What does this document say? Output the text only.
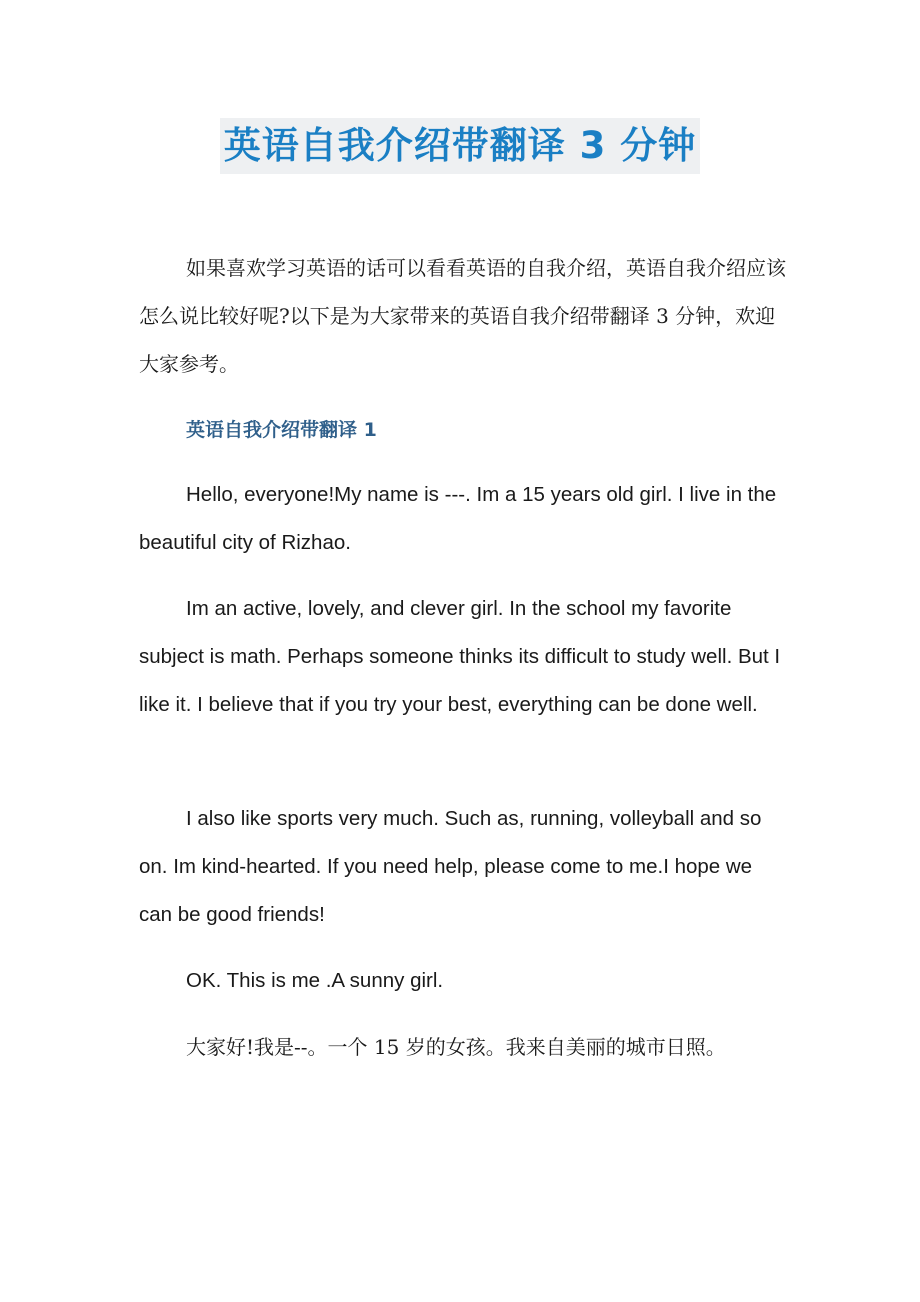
英语自我介绍带翻译 3 分钟

如果喜欢学习英语的话可以看看英语的自我介绍，英语自我介绍应该怎么说比较好呢?以下是为大家带来的英语自我介绍带翻译 3 分钟，欢迎大家参考。

英语自我介绍带翻译 1

Hello, everyone!My name is ---. Im a 15 years old girl. I live in the beautiful city of Rizhao.

Im an active, lovely, and clever girl. In the school my favorite subject is math. Perhaps someone thinks its difficult to study well. But I like it. I believe that if you try your best, everything can be done well.

I also like sports very much. Such as, running, volleyball and so on. Im kind-hearted. If you need help, please come to me.I hope we can be good friends!

OK. This is me .A sunny girl.

大家好!我是--。一个 15 岁的女孩。我来自美丽的城市日照。
